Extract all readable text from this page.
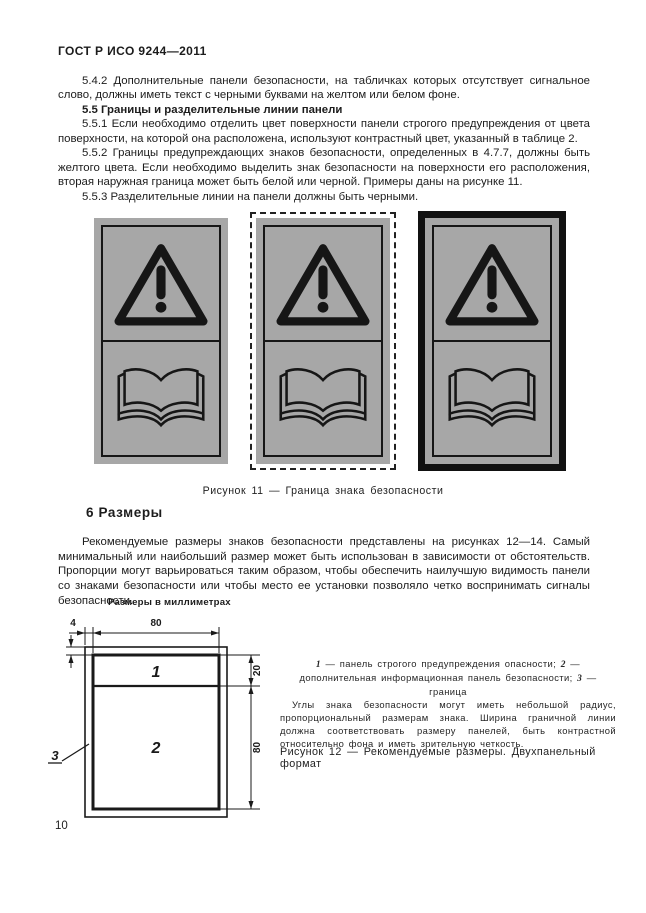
ГОСТ Р ИСО 9244—2011

5.4.2 Дополнительные панели безопасности, на табличках которых отсутствует сигнальное слово, должны иметь текст с черными буквами на желтом или белом фоне.

5.5 Границы и разделительные линии панели

5.5.1 Если необходимо отделить цвет поверхности панели строгого предупреждения от цвета поверхности, на которой она расположена, используют контрастный цвет, указанный в таблице 2.

5.5.2 Границы предупреждающих знаков безопасности, определенных в 4.7.7, должны быть желтого цвета. Если необходимо выделить знак безопасности на поверхности его расположения, вторая наружная граница может быть белой или черной. Примеры даны на рисунке 11.

5.5.3 Разделительные линии на панели должны быть черными.

Рисунок 11 — Граница знака безопасности
6 Размеры
Рекомендуемые размеры знаков безопасности представлены на рисунках 12—14. Самый минимальный или наибольший размер может быть использован в зависимости от обстоятельств. Пропорции могут варьироваться таким образом, чтобы обеспечить наилучшую видимость панели со знаками безопасности или чтобы место ее установки позволяло четко воспринимать сигналы безопасности.
Размеры в миллиметрах
4	80
20
80
1
2
3
1 — панель строгого предупреждения опасности; 2 — дополнительная информационная панель безопасности; 3 — граница
Углы знака безопасности могут иметь небольшой радиус, пропорциональный размерам знака. Ширина граничной линии должна соответствовать размеру панелей, быть контрастной относительно фона и иметь зрительную четкость.
Рисунок 12 — Рекомендуемые размеры. Двухпанельный формат
10
